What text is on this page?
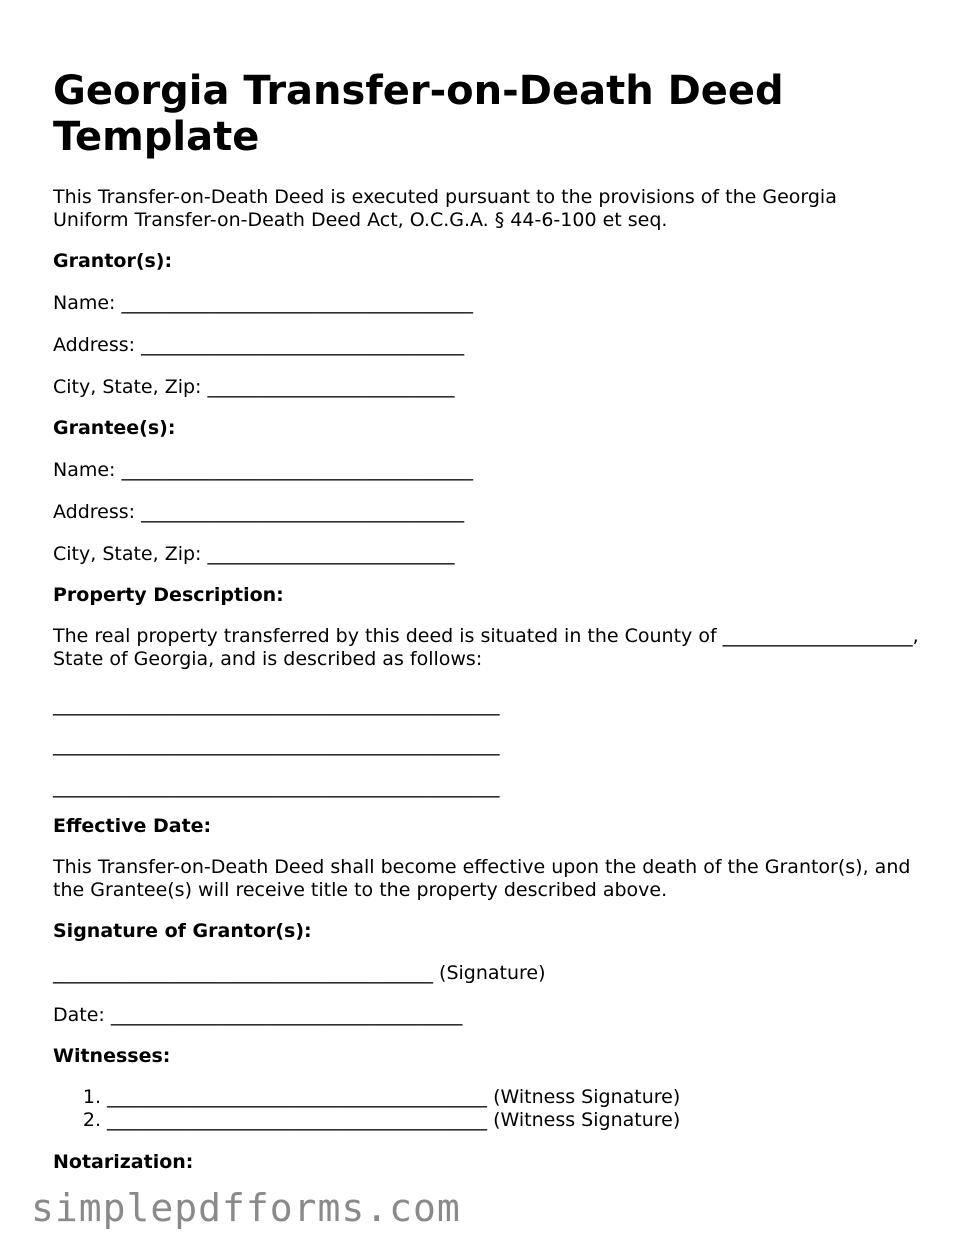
Georgia Transfer-on-Death Deed Template
This Transfer-on-Death Deed is executed pursuant to the provisions of the Georgia
Uniform Transfer-on-Death Deed Act, O.C.G.A. § 44-6-100 et seq.
Grantor(s):
Name: _____________________________________
Address: __________________________________
City, State, Zip: __________________________
Grantee(s):
Name: _____________________________________
Address: __________________________________
City, State, Zip: __________________________
Property Description:
The real property transferred by this deed is situated in the County of ____________________,
State of Georgia, and is described as follows:
_______________________________________________
_______________________________________________
_______________________________________________
Effective Date:
This Transfer-on-Death Deed shall become effective upon the death of the Grantor(s), and
the Grantee(s) will receive title to the property described above.
Signature of Grantor(s):
________________________________________ (Signature)
Date: _____________________________________
Witnesses:
1. ________________________________________ (Witness Signature)
2. ________________________________________ (Witness Signature)
Notarization:
simplepdfforms.com
